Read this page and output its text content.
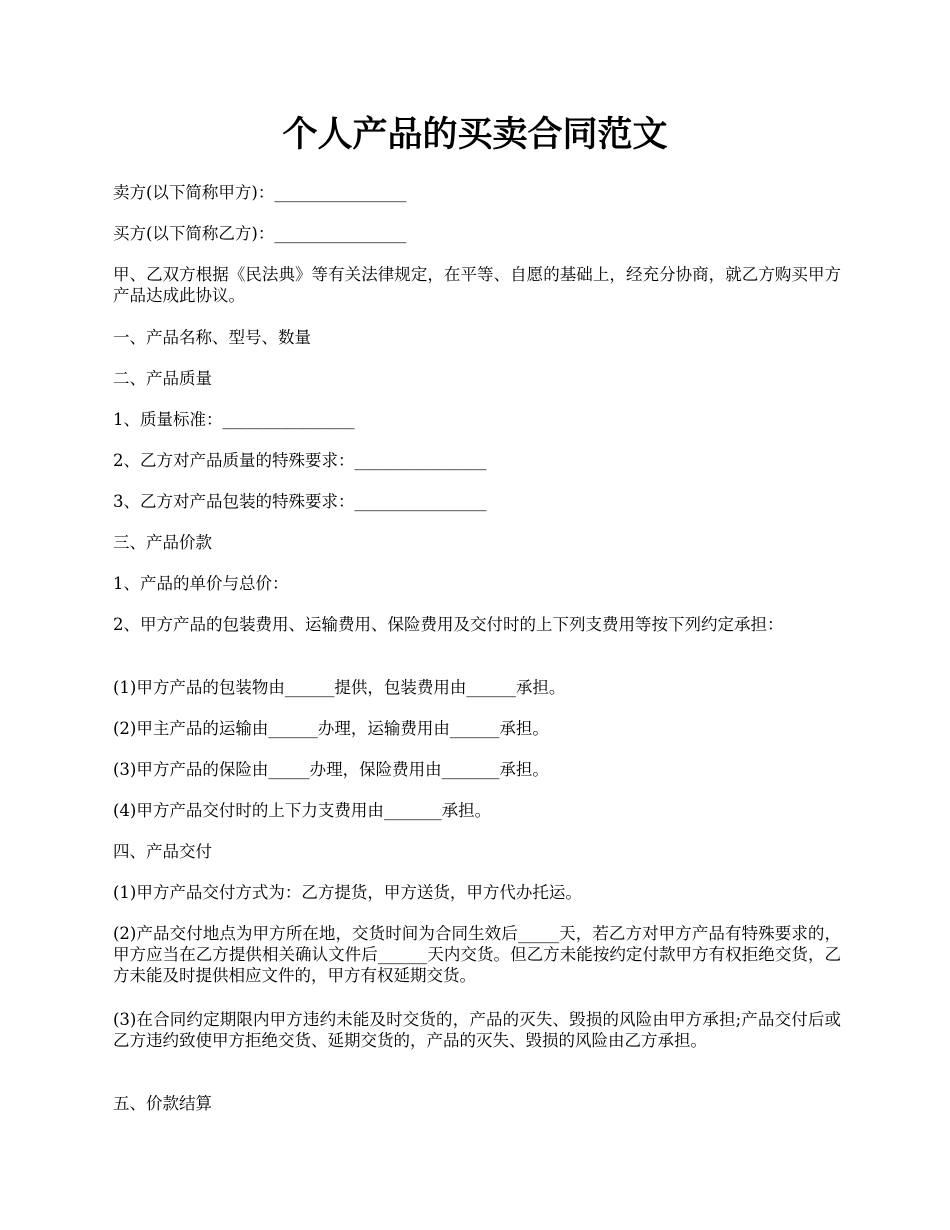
个人产品的买卖合同范文

卖方(以下简称甲方)：________________

买方(以下简称乙方)：________________

甲、乙双方根据《民法典》等有关法律规定，在平等、自愿的基础上，经充分协商，就乙方购买甲方 产品达成此协议。

一、产品名称、型号、数量

二、产品质量

1、质量标准：________________

2、乙方对产品质量的特殊要求：________________

3、乙方对产品包装的特殊要求：________________

三、产品价款

1、产品的单价与总价：

2、甲方产品的包装费用、运输费用、保险费用及交付时的上下列支费用等按下列约定承担：

(1)甲方产品的包装物由______提供，包装费用由______承担。

(2)甲主产品的运输由______办理，运输费用由______承担。

(3)甲方产品的保险由_____办理，保险费用由_______承担。

(4)甲方产品交付时的上下力支费用由_______承担。

四、产品交付

(1)甲方产品交付方式为：乙方提货，甲方送货，甲方代办托运。

(2)产品交付地点为甲方所在地，交货时间为合同生效后_____天，若乙方对甲方产品有特殊要求的，甲方应当在乙方提供相关确认文件后______天内交货。但乙方未能按约定付款甲方有权拒绝交货，乙方未能及时提供相应文件的，甲方有权延期交货。

(3)在合同约定期限内甲方违约未能及时交货的，产品的灭失、毁损的风险由甲方承担;产品交付后或乙方违约致使甲方拒绝交货、延期交货的，产品的灭失、毁损的风险由乙方承担。

五、价款结算
